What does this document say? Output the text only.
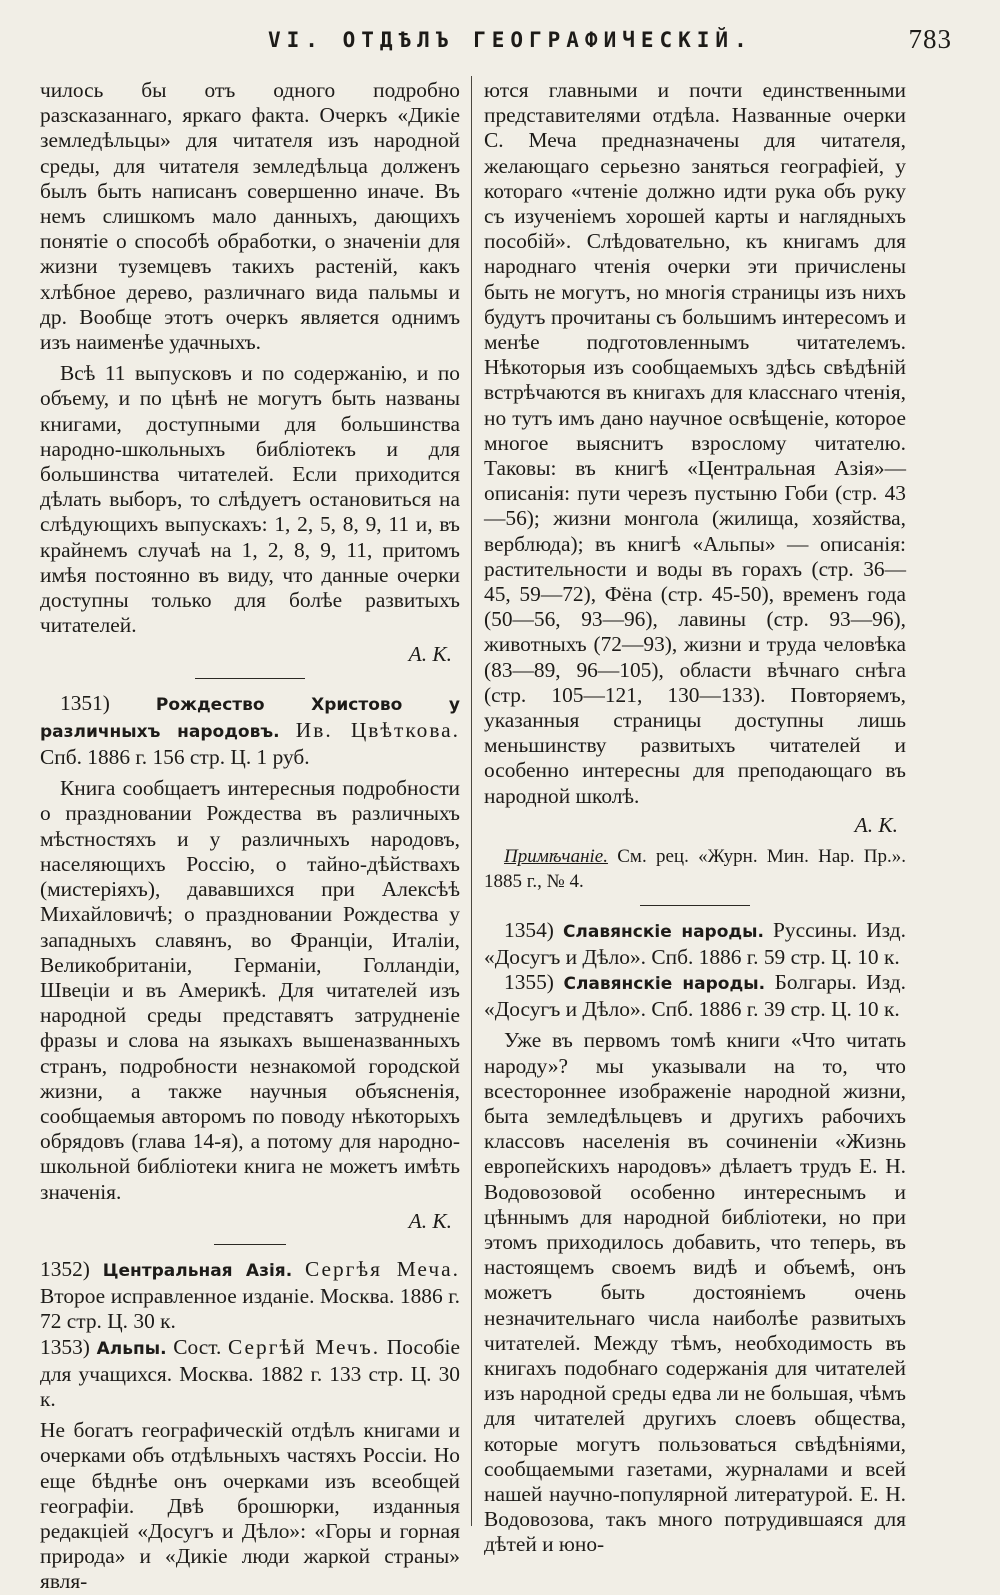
VI. ОТДѢЛЪ ГЕОГРАФИЧЕСКІЙ.	783

чилось бы отъ одного подробно разсказаннаго, яркаго факта. Очеркъ «Дикіе земледѣльцы» для читателя изъ народной среды, для читателя земледѣльца долженъ былъ быть написанъ совершенно иначе. Въ немъ слишкомъ мало данныхъ, дающихъ понятіе о способѣ обработки, о значеніи для жизни туземцевъ такихъ растеній, какъ хлѣбное дерево, различнаго вида пальмы и др. Вообще этотъ очеркъ является однимъ изъ наименѣе удачныхъ.

Всѣ 11 выпусковъ и по содержанію, и по объему, и по цѣнѣ не могутъ быть названы книгами, доступными для большинства народно-школьныхъ библіотекъ и для большинства читателей. Если приходится дѣлать выборъ, то слѣдуетъ остановиться на слѣдующихъ выпускахъ: 1, 2, 5, 8, 9, 11 и, въ крайнемъ случаѣ на 1, 2, 8, 9, 11, притомъ имѣя постоянно въ виду, что данные очерки доступны только для болѣе развитыхъ читателей.

А. К.

1351)	Рождество Христово у различныхъ народовъ. Ив. Цвѣткова. Спб. 1886 г. 156 стр. Ц. 1 руб.

Книга сообщаетъ интересныя подробности о праздновании Рождества въ различныхъ мѣстностяхъ и у различныхъ народовъ, населяющихъ Россію, о тайно-дѣйствахъ (мистеріяхъ), дававшихся при Алексѣѣ Михайловичѣ; о праздновании Рождества у западныхъ славянъ, во Франціи, Италіи, Великобританіи, Германіи, Голландіи, Швеціи и въ Америкѣ. Для читателей изъ народной среды представятъ затрудненіе фразы и слова на языкахъ вышеназванныхъ странъ, подробности незнакомой городской жизни, а также научныя объясненія, сообщаемыя авторомъ по поводу нѣкоторыхъ обрядовъ (глава 14-я), а потому для народно-школьной библіотеки книга не можетъ имѣть значенія.

А. К.

1352) Центральная Азія. Сергѣя Меча. Второе исправленное изданіе. Москва. 1886 г. 72 стр. Ц. 30 к.

1353) Альпы. Сост. Сергѣй Мечъ. Пособіе для учащихся. Москва. 1882 г. 133 стр. Ц. 30 к.

Не богатъ географическій отдѣлъ книгами и очерками объ отдѣльныхъ частяхъ Россіи. Но еще бѣднѣе онъ очерками изъ всеобщей географіи. Двѣ брошюрки, изданныя редакціей «Досугъ и Дѣло»: «Горы и горная природа» и «Дикіе люди жаркой страны» явля-

ются главными и почти единственными представителями отдѣла. Названные очерки С. Меча предназначены для читателя, желающаго серьезно заняться географіей, у котораго «чтеніе должно идти рука объ руку съ изученіемъ хорошей карты и наглядныхъ пособій». Слѣдовательно, къ книгамъ для народнаго чтенія очерки эти причислены быть не могутъ, но многія страницы изъ нихъ будутъ прочитаны съ большимъ интересомъ и менѣе подготовленнымъ читателемъ. Нѣкоторыя изъ сообщаемыхъ здѣсь свѣдѣній встрѣчаются въ книгахъ для класснаго чтенія, но тутъ имъ дано научное освѣщеніе, которое многое выяснитъ взрослому читателю. Таковы: въ книгѣ «Центральная Азія»—описанія: пути черезъ пустыню Гоби (стр. 43—56); жизни монгола (жилища, хозяйства, верблюда); въ книгѣ «Альпы» — описанія: растительности и воды въ горахъ (стр. 36—45, 59—72), Фёна (стр. 45-50), временъ года (50—56, 93—96), лавины (стр. 93—96), животныхъ (72—93), жизни и труда человѣка (83—89, 96—105), области вѣчнаго снѣга (стр. 105—121, 130—133). Повторяемъ, указанныя страницы доступны лишь меньшинству развитыхъ читателей и особенно интересны для преподающаго въ народной школѣ.

А. К.

Примѣчаніе. См. рец. «Журн. Мин. Нар. Пр.». 1885 г., № 4.

1354) Славянскіе народы. Руссины. Изд. «Досугъ и Дѣло». Спб. 1886 г. 59 стр. Ц. 10 к.

1355) Славянскіе народы. Болгары. Изд. «Досугъ и Дѣло». Спб. 1886 г. 39 стр. Ц. 10 к.

Уже въ первомъ томѣ книги «Что читать народу»? мы указывали на то, что всестороннее изображеніе народной жизни, быта земледѣльцевъ и другихъ рабочихъ классовъ населенія въ сочиненіи «Жизнь европейскихъ народовъ» дѣлаетъ трудъ Е. Н. Водовозовой особенно интереснымъ и цѣннымъ для народной библіотеки, но при этомъ приходилось добавить, что теперь, въ настоящемъ своемъ видѣ и объемѣ, онъ можетъ быть достояніемъ очень незначительнаго числа наиболѣе развитыхъ читателей. Между тѣмъ, необходимость въ книгахъ подобнаго содержанія для читателей изъ народной среды едва ли не большая, чѣмъ для читателей другихъ слоевъ общества, которые могутъ пользоваться свѣдѣніями, сообщаемыми газетами, журналами и всей нашей научно-популярной литературой. Е. Н. Водовозова, такъ много потрудившаяся для дѣтей и юно-
